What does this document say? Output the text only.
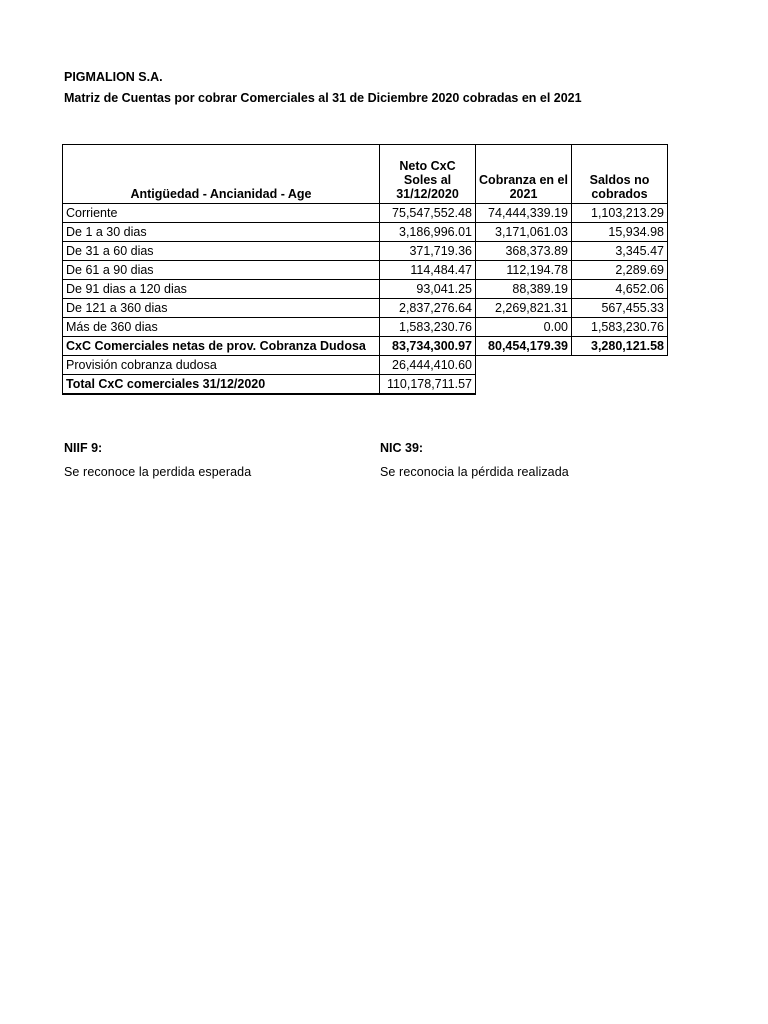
PIGMALION S.A.
Matriz de Cuentas por cobrar Comerciales al 31 de Diciembre 2020 cobradas en el 2021
Antigüedad - Ancianidad - Age	Neto CxC Soles al 31/12/2020	Cobranza en el 2021	Saldos no cobrados
Corriente	75,547,552.48	74,444,339.19	1,103,213.29
De 1 a 30 dias	3,186,996.01	3,171,061.03	15,934.98
De 31 a 60 dias	371,719.36	368,373.89	3,345.47
De 61 a 90 dias	114,484.47	112,194.78	2,289.69
De 91 dias a 120 dias	93,041.25	88,389.19	4,652.06
De 121 a 360 dias	2,837,276.64	2,269,821.31	567,455.33
Más de 360 dias	1,583,230.76	0.00	1,583,230.76
CxC Comerciales netas de prov. Cobranza Dudosa	83,734,300.97	80,454,179.39	3,280,121.58
Provisión cobranza dudosa	26,444,410.60		
Total CxC comerciales 31/12/2020	110,178,711.57		
NIIF 9:
Se reconoce la perdida esperada
NIC 39:
Se reconocia la pérdida realizada
